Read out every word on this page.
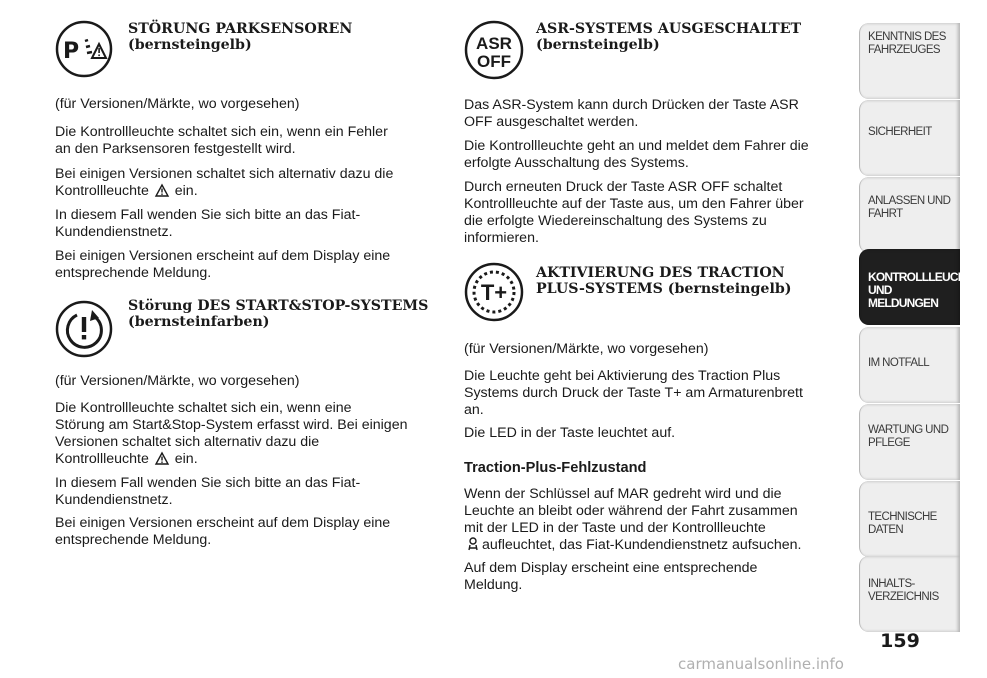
P
STÖRUNG PARKSENSOREN
(bernsteingelb)

(für Versionen/Märkte, wo vorgesehen)

Die Kontrollleuchte schaltet sich ein, wenn ein Fehler
an den Parksensoren festgestellt wird.

Bei einigen Versionen schaltet sich alternativ dazu die
Kontrollleuchte ein.

In diesem Fall wenden Sie sich bitte an das Fiat-
Kundendienstnetz.

Bei einigen Versionen erscheint auf dem Display eine
entsprechende Meldung.

Störung DES START&STOP-SYSTEMS
(bernsteinfarben)

(für Versionen/Märkte, wo vorgesehen)

Die Kontrollleuchte schaltet sich ein, wenn eine
Störung am Start&Stop-System erfasst wird. Bei einigen
Versionen schaltet sich alternativ dazu die
Kontrollleuchte ein.

In diesem Fall wenden Sie sich bitte an das Fiat-
Kundendienstnetz.

Bei einigen Versionen erscheint auf dem Display eine
entsprechende Meldung.

ASR
OFF
ASR-SYSTEMS AUSGESCHALTET
(bernsteingelb)

Das ASR-System kann durch Drücken der Taste ASR
OFF ausgeschaltet werden.

Die Kontrollleuchte geht an und meldet dem Fahrer die
erfolgte Ausschaltung des Systems.

Durch erneuten Druck der Taste ASR OFF schaltet
Kontrollleuchte auf der Taste aus, um den Fahrer über
die erfolgte Wiedereinschaltung des Systems zu
informieren.

T+
AKTIVIERUNG DES TRACTION
PLUS-SYSTEMS (bernsteingelb)

(für Versionen/Märkte, wo vorgesehen)

Die Leuchte geht bei Aktivierung des Traction Plus
Systems durch Druck der Taste T+ am Armaturenbrett
an.

Die LED in der Taste leuchtet auf.

Traction-Plus-Fehlzustand

Wenn der Schlüssel auf MAR gedreht wird und die
Leuchte an bleibt oder während der Fahrt zusammen
mit der LED in der Taste und der Kontrollleuchte
aufleuchtet, das Fiat-Kundendienstnetz aufsuchen.

Auf dem Display erscheint eine entsprechende
Meldung.

KENNTNIS DES
FAHRZEUGES
SICHERHEIT
ANLASSEN UND
FAHRT
KONTROLLLEUCHTEN
UND MELDUNGEN
IM NOTFALL
WARTUNG UND
PFLEGE
TECHNISCHE DATEN
INHALTS-
VERZEICHNIS
159
carmanualsonline.info
